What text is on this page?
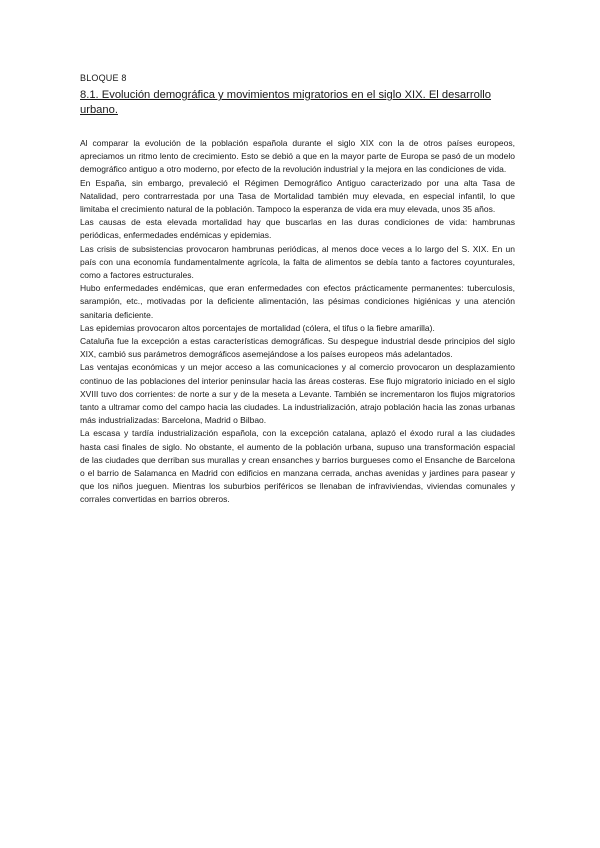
BLOQUE 8
8.1. Evolución demográfica y movimientos migratorios en el siglo XIX. El desarrollo urbano.

Al comparar la evolución de la población española durante el siglo XIX con la de otros países europeos, apreciamos un ritmo lento de crecimiento. Esto se debió a que en la mayor parte de Europa se pasó de un modelo demográfico antiguo a otro moderno, por efecto de la revolución industrial y la mejora en las condiciones de vida.

En España, sin embargo, prevaleció el Régimen Demográfico Antiguo caracterizado por una alta Tasa de Natalidad, pero contrarrestada por una Tasa de Mortalidad también muy elevada, en especial infantil, lo que limitaba el crecimiento natural de la población. Tampoco la esperanza de vida era muy elevada, unos 35 años.

Las causas de esta elevada mortalidad hay que buscarlas en las duras condiciones de vida: hambrunas periódicas, enfermedades endémicas y epidemias.

Las crisis de subsistencias provocaron hambrunas periódicas, al menos doce veces a lo largo del S. XIX. En un país con una economía fundamentalmente agrícola, la falta de alimentos se debía tanto a factores coyunturales, como a factores estructurales.

Hubo enfermedades endémicas, que eran enfermedades con efectos prácticamente permanentes: tuberculosis, sarampión, etc., motivadas por la deficiente alimentación, las pésimas condiciones higiénicas y una atención sanitaria deficiente.

Las epidemias provocaron altos porcentajes de mortalidad (cólera, el tifus o la fiebre amarilla).

Cataluña fue la excepción a estas características demográficas. Su despegue industrial desde principios del siglo XIX, cambió sus parámetros demográficos asemejándose a los países europeos más adelantados.

Las ventajas económicas y un mejor acceso a las comunicaciones y al comercio provocaron un desplazamiento continuo de las poblaciones del interior peninsular hacia las áreas costeras. Ese flujo migratorio iniciado en el siglo XVIII tuvo dos corrientes: de norte a sur y de la meseta a Levante. También se incrementaron los flujos migratorios tanto a ultramar como del campo hacia las ciudades. La industrialización, atrajo población hacia las zonas urbanas más industrializadas: Barcelona, Madrid o Bilbao.

La escasa y tardía industrialización española, con la excepción catalana, aplazó el éxodo rural a las ciudades hasta casi finales de siglo. No obstante, el aumento de la población urbana, supuso una transformación espacial de las ciudades que derriban sus murallas y crean ensanches y barrios burgueses como el Ensanche de Barcelona o el barrio de Salamanca en Madrid con edificios en manzana cerrada, anchas avenidas y jardines para pasear y que los niños jueguen. Mientras los suburbios periféricos se llenaban de infraviviendas, viviendas comunales y corrales convertidas en barrios obreros.
